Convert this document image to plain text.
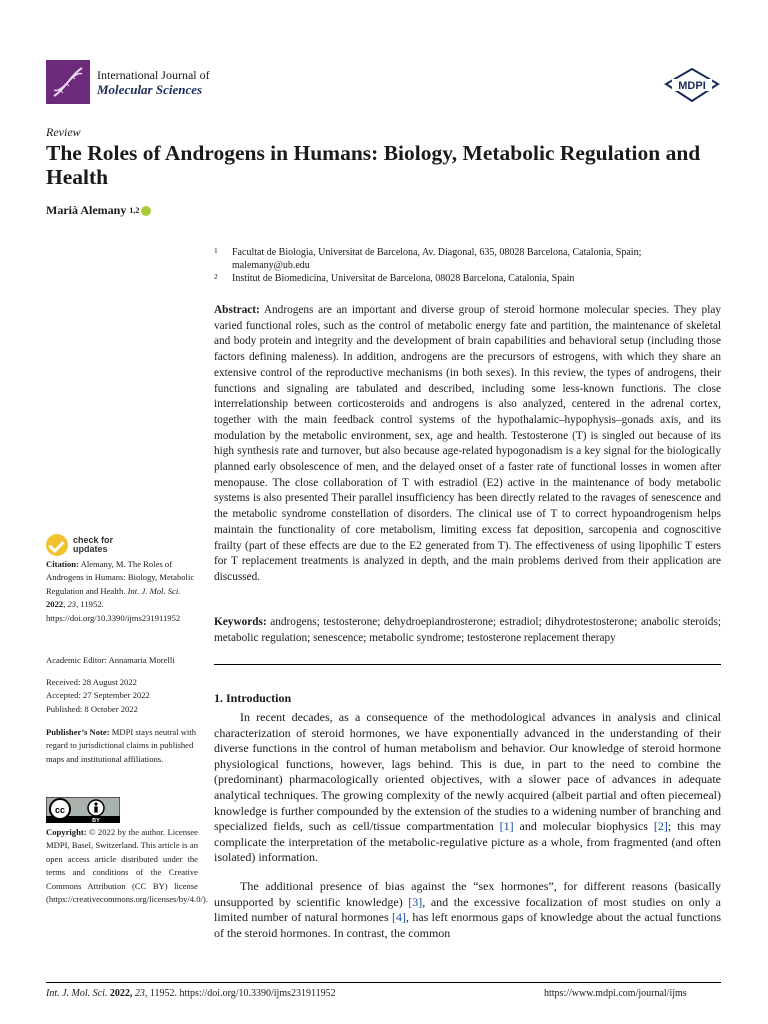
International Journal of
Molecular Sciences	MDPI
Review
The Roles of Androgens in Humans: Biology, Metabolic Regulation and Health
Marià Alemany 1,2
1 Facultat de Biologia, Universitat de Barcelona, Av. Diagonal, 635, 08028 Barcelona, Catalonia, Spain; malemany@ub.edu
2 Institut de Biomedicina, Universitat de Barcelona, 08028 Barcelona, Catalonia, Spain
Abstract: Androgens are an important and diverse group of steroid hormone molecular species. They play varied functional roles, such as the control of metabolic energy fate and partition, the maintenance of skeletal and body protein and integrity and the development of brain capabilities and behavioral setup (including those factors defining maleness). In addition, androgens are the precursors of estrogens, with which they share an extensive control of the reproductive mechanisms (in both sexes). In this review, the types of androgens, their functions and signaling are tabulated and described, including some less-known functions. The close interrelationship between corticosteroids and androgens is also analyzed, centered in the adrenal cortex, together with the main feedback control systems of the hypothalamic–hypophysis–gonads axis, and its modulation by the metabolic environment, sex, age and health. Testosterone (T) is singled out because of its high synthesis rate and turnover, but also because age-related hypogonadism is a key signal for the biologically planned early obsolescence of men, and the delayed onset of a faster rate of functional losses in women after menopause. The close collaboration of T with estradiol (E2) active in the maintenance of body metabolic systems is also presented Their parallel insufficiency has been directly related to the ravages of senescence and the metabolic syndrome constellation of disorders. The clinical use of T to correct hypoandrogenism helps maintain the functionality of core metabolism, limiting excess fat deposition, sarcopenia and cognoscitive frailty (part of these effects are due to the E2 generated from T). The effectiveness of using lipophilic T esters for T replacement treatments is analyzed in depth, and the main problems derived from their application are discussed.
Keywords: androgens; testosterone; dehydroepiandrosterone; estradiol; dihydrotestosterone; anabolic steroids; metabolic regulation; senescence; metabolic syndrome; testosterone replacement therapy
1. Introduction
In recent decades, as a consequence of the methodological advances in analysis and clinical characterization of steroid hormones, we have exponentially advanced in the understanding of their diverse functions in the control of human metabolism and behavior. Our knowledge of steroid hormone physiological functions, however, lags behind. This is due, in part to the need to combine the (predominant) pharmacologically oriented objectives, with a slower pace of advances in adequate analytical techniques. The growing complexity of the newly acquired (albeit partial and often piecemeal) knowledge is further compounded by the extension of the studies to a widening number of branching and specialized fields, such as cell/tissue compartmentation [1] and molecular biophysics [2]; this may complicate the interpretation of the metabolic-regulative picture as a whole, from fragmented (and often isolated) information.
The additional presence of bias against the “sex hormones”, for different reasons (basically unsupported by scientific knowledge) [3], and the excessive focalization of most studies on only a limited number of natural hormones [4], has left enormous gaps of knowledge about the actual functions of the steroid hormones. In contrast, the common
check for
updates
Citation: Alemany, M. The Roles of Androgens in Humans: Biology, Metabolic Regulation and Health. Int. J. Mol. Sci. 2022, 23, 11952. https://doi.org/10.3390/ijms231911952
Academic Editor: Annamaria Morelli
Received: 28 August 2022
Accepted: 27 September 2022
Published: 8 October 2022
Publisher’s Note: MDPI stays neutral with regard to jurisdictional claims in published maps and institutional affiliations.
cc
BY
Copyright: © 2022 by the author. Licensee MDPI, Basel, Switzerland. This article is an open access article distributed under the terms and conditions of the Creative Commons Attribution (CC BY) license (https://creativecommons.org/licenses/by/4.0/).
Int. J. Mol. Sci. 2022, 23, 11952. https://doi.org/10.3390/ijms231911952	https://www.mdpi.com/journal/ijms
